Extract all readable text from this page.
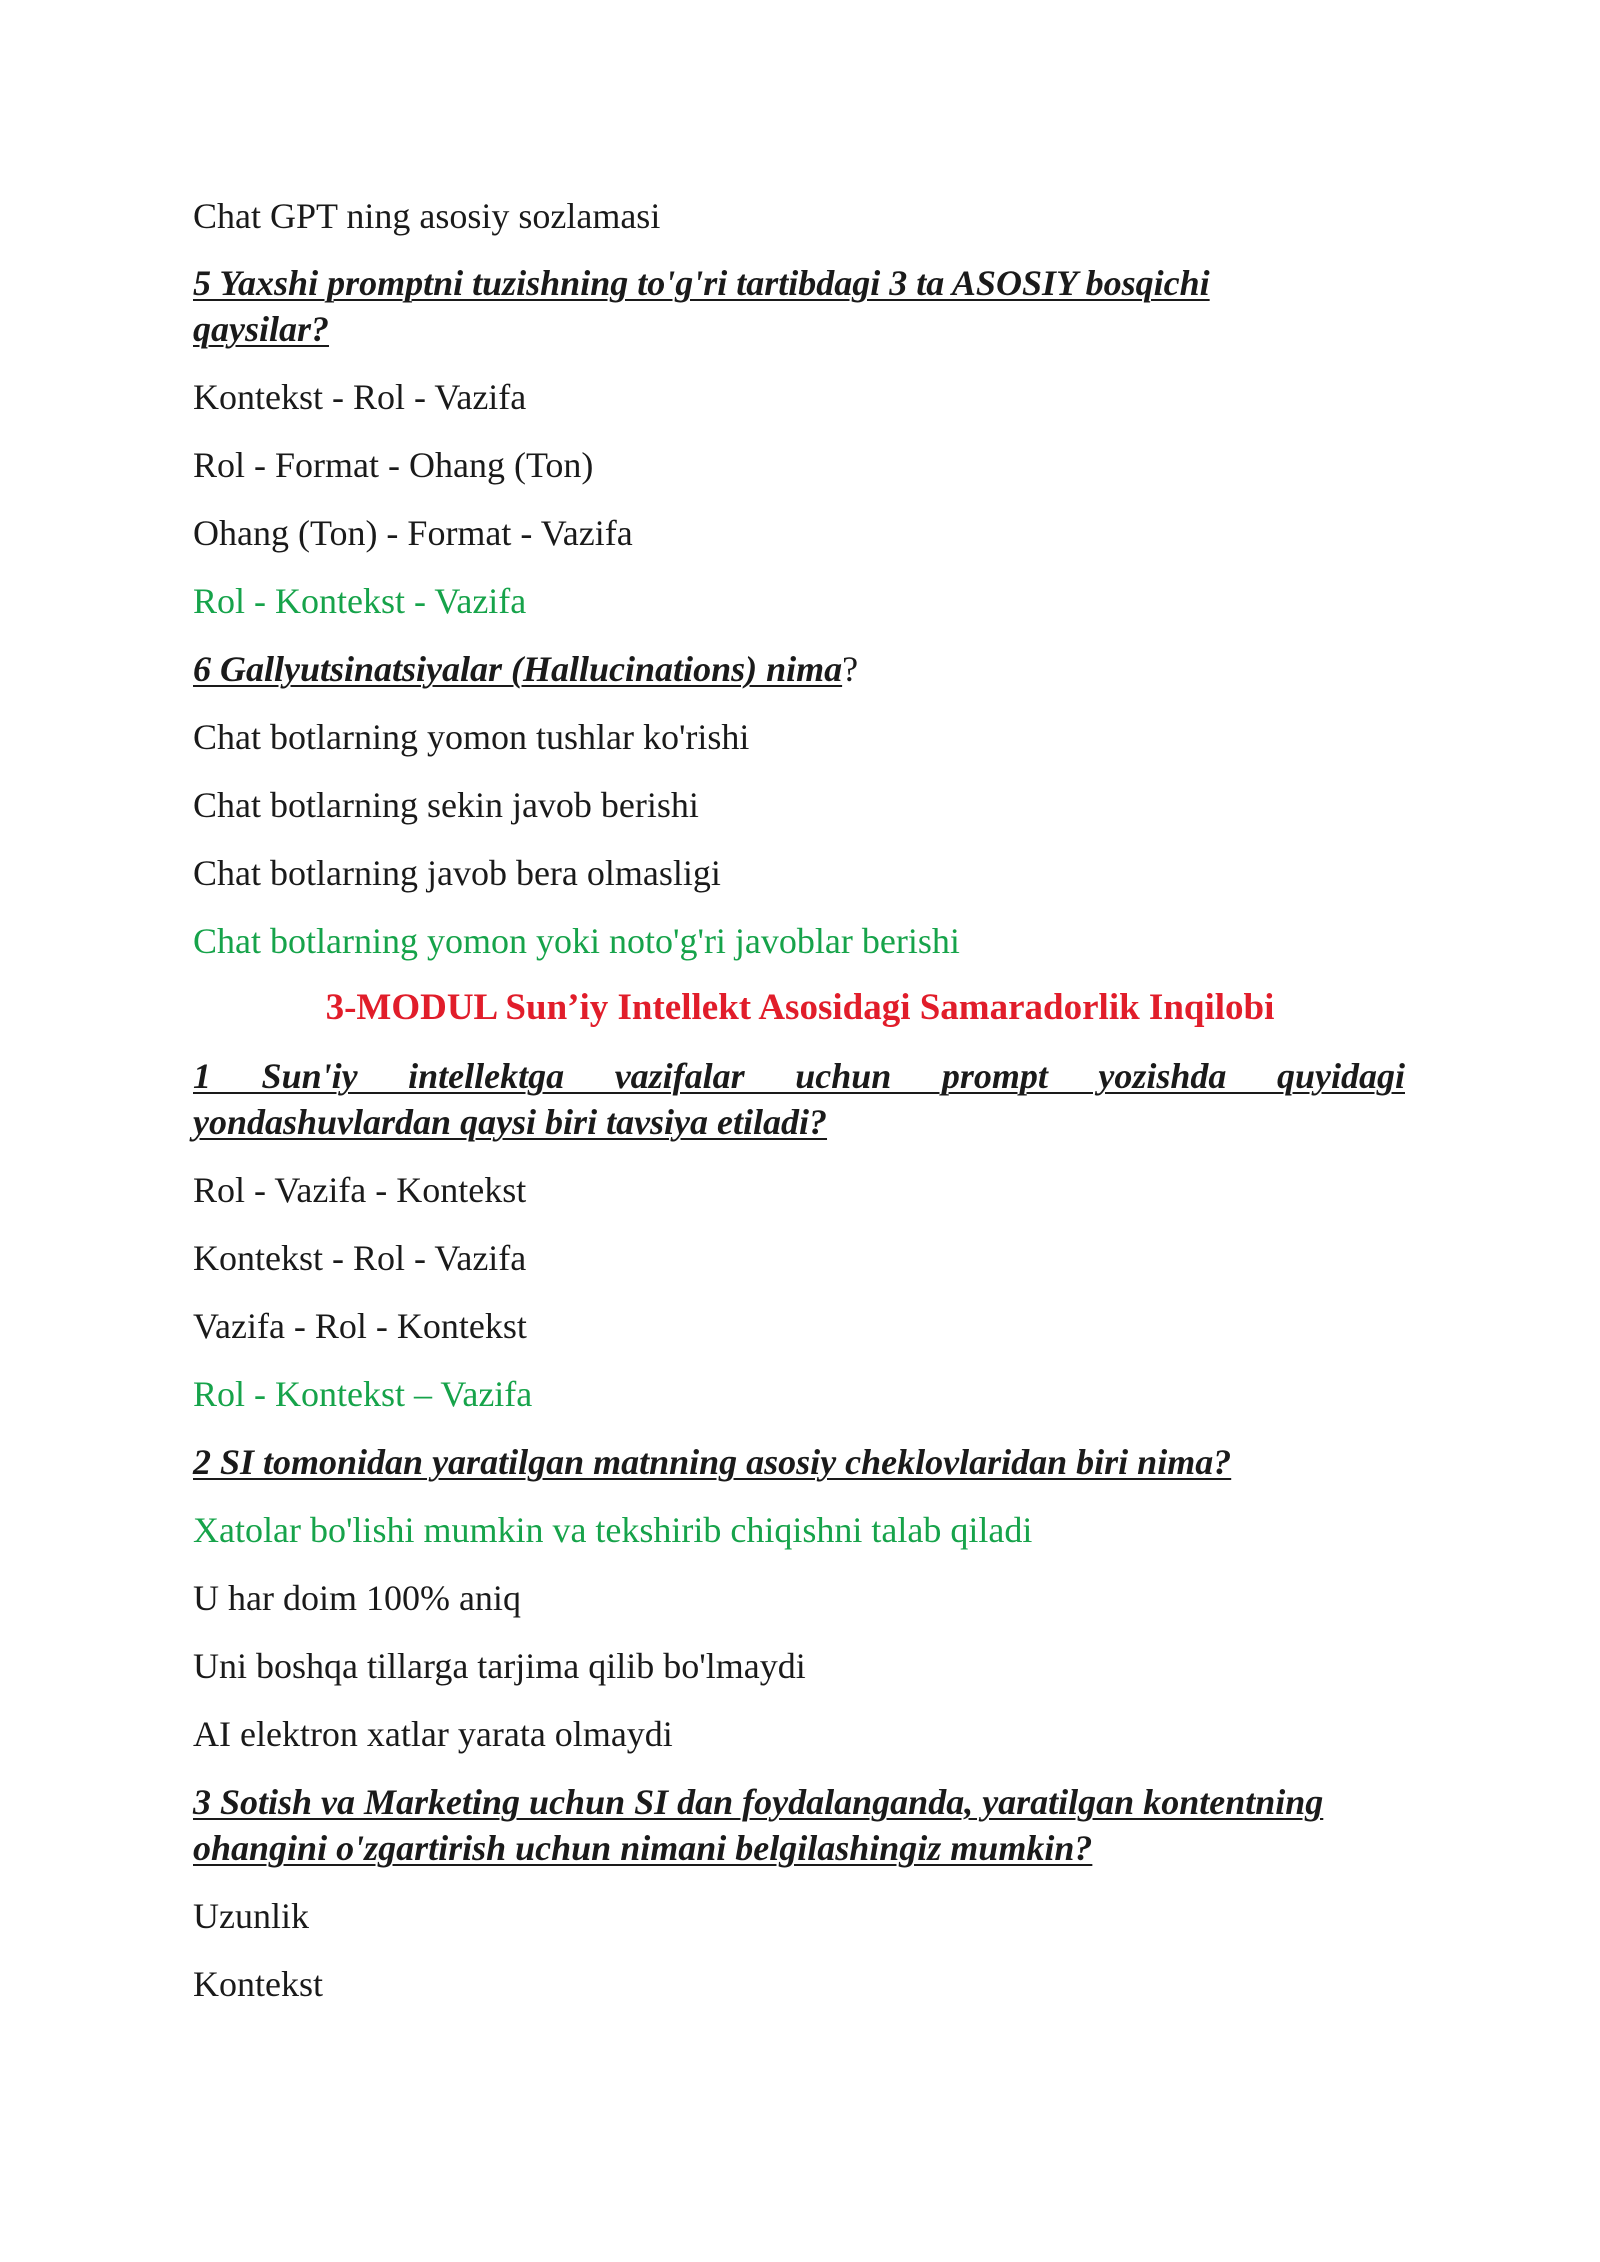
Chat GPT ning asosiy sozlamasi
5 Yaxshi promptni tuzishning to'g'ri tartibdagi 3 ta ASOSIY bosqichi
qaysilar?
Kontekst - Rol - Vazifa
Rol - Format - Ohang (Ton)
Ohang (Ton) - Format - Vazifa
Rol - Kontekst - Vazifa
6 Gallyutsinatsiyalar (Hallucinations) nima?
Chat botlarning yomon tushlar ko'rishi
Chat botlarning sekin javob berishi
Chat botlarning javob bera olmasligi
Chat botlarning yomon yoki noto'g'ri javoblar berishi
3-MODUL Sun’iy Intellekt Asosidagi Samaradorlik Inqilobi
1 Sun'iy intellektga vazifalar uchun prompt yozishda quyidagi
yondashuvlardan qaysi biri tavsiya etiladi?
Rol - Vazifa - Kontekst
Kontekst - Rol - Vazifa
Vazifa - Rol - Kontekst
Rol - Kontekst – Vazifa
2 SI tomonidan yaratilgan matnning asosiy cheklovlaridan biri nima?
Xatolar bo'lishi mumkin va tekshirib chiqishni talab qiladi
U har doim 100% aniq
Uni boshqa tillarga tarjima qilib bo'lmaydi
AI elektron xatlar yarata olmaydi
3 Sotish va Marketing uchun SI dan foydalanganda, yaratilgan kontentning
ohangini o'zgartirish uchun nimani belgilashingiz mumkin?
Uzunlik
Kontekst
